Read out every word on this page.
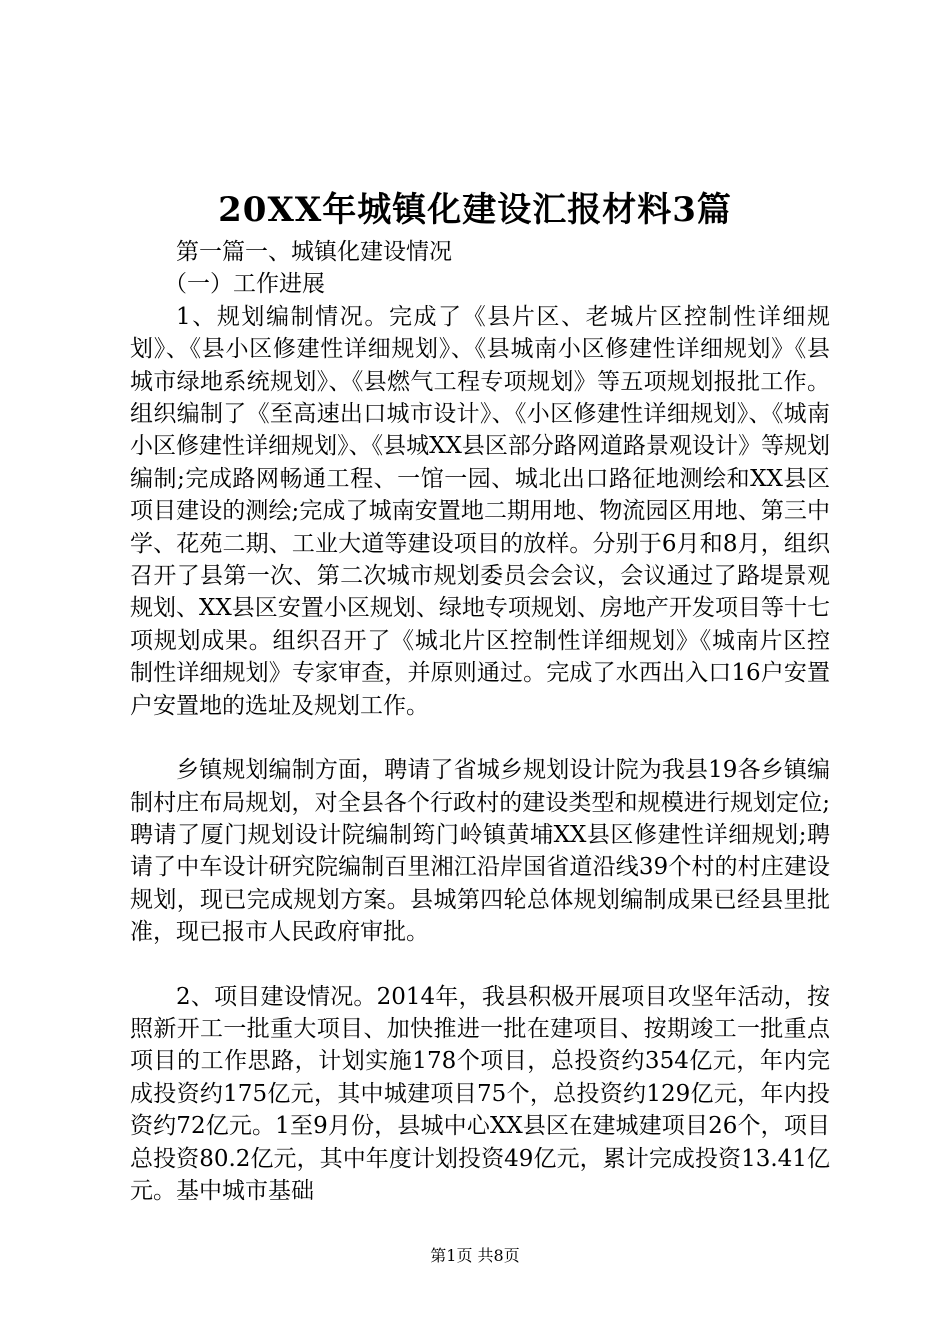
20XX年城镇化建设汇报材料3篇

第一篇一、城镇化建设情况

（一）工作进展

1、规划编制情况。完成了《县片区、老城片区控制性详细规划》、《县小区修建性详细规划》、《县城南小区修建性详细规划》《县城市绿地系统规划》、《县燃气工程专项规划》等五项规划报批工作。组织编制了《至高速出口城市设计》、《小区修建性详细规划》、《城南小区修建性详细规划》、《县城XX县区部分路网道路景观设计》等规划编制;完成路网畅通工程、一馆一园、城北出口路征地测绘和XX县区项目建设的测绘;完成了城南安置地二期用地、物流园区用地、第三中学、花苑二期、工业大道等建设项目的放样。分别于6月和8月，组织召开了县第一次、第二次城市规划委员会会议，会议通过了路堤景观规划、XX县区安置小区规划、绿地专项规划、房地产开发项目等十七项规划成果。组织召开了《城北片区控制性详细规划》《城南片区控制性详细规划》专家审查，并原则通过。完成了水西出入口16户安置户安置地的选址及规划工作。

乡镇规划编制方面，聘请了省城乡规划设计院为我县19各乡镇编制村庄布局规划，对全县各个行政村的建设类型和规模进行规划定位;聘请了厦门规划设计院编制筠门岭镇黄埔XX县区修建性详细规划;聘请了中车设计研究院编制百里湘江沿岸国省道沿线39个村的村庄建设规划，现已完成规划方案。县城第四轮总体规划编制成果已经县里批准，现已报市人民政府审批。

2、项目建设情况。2014年，我县积极开展项目攻坚年活动，按照新开工一批重大项目、加快推进一批在建项目、按期竣工一批重点项目的工作思路，计划实施178个项目，总投资约354亿元，年内完成投资约175亿元，其中城建项目75个，总投资约129亿元，年内投资约72亿元。1至9月份，县城中心XX县区在建城建项目26个，项目总投资80.2亿元，其中年度计划投资49亿元，累计完成投资13.41亿元。基中城市基础

第1页 共8页
